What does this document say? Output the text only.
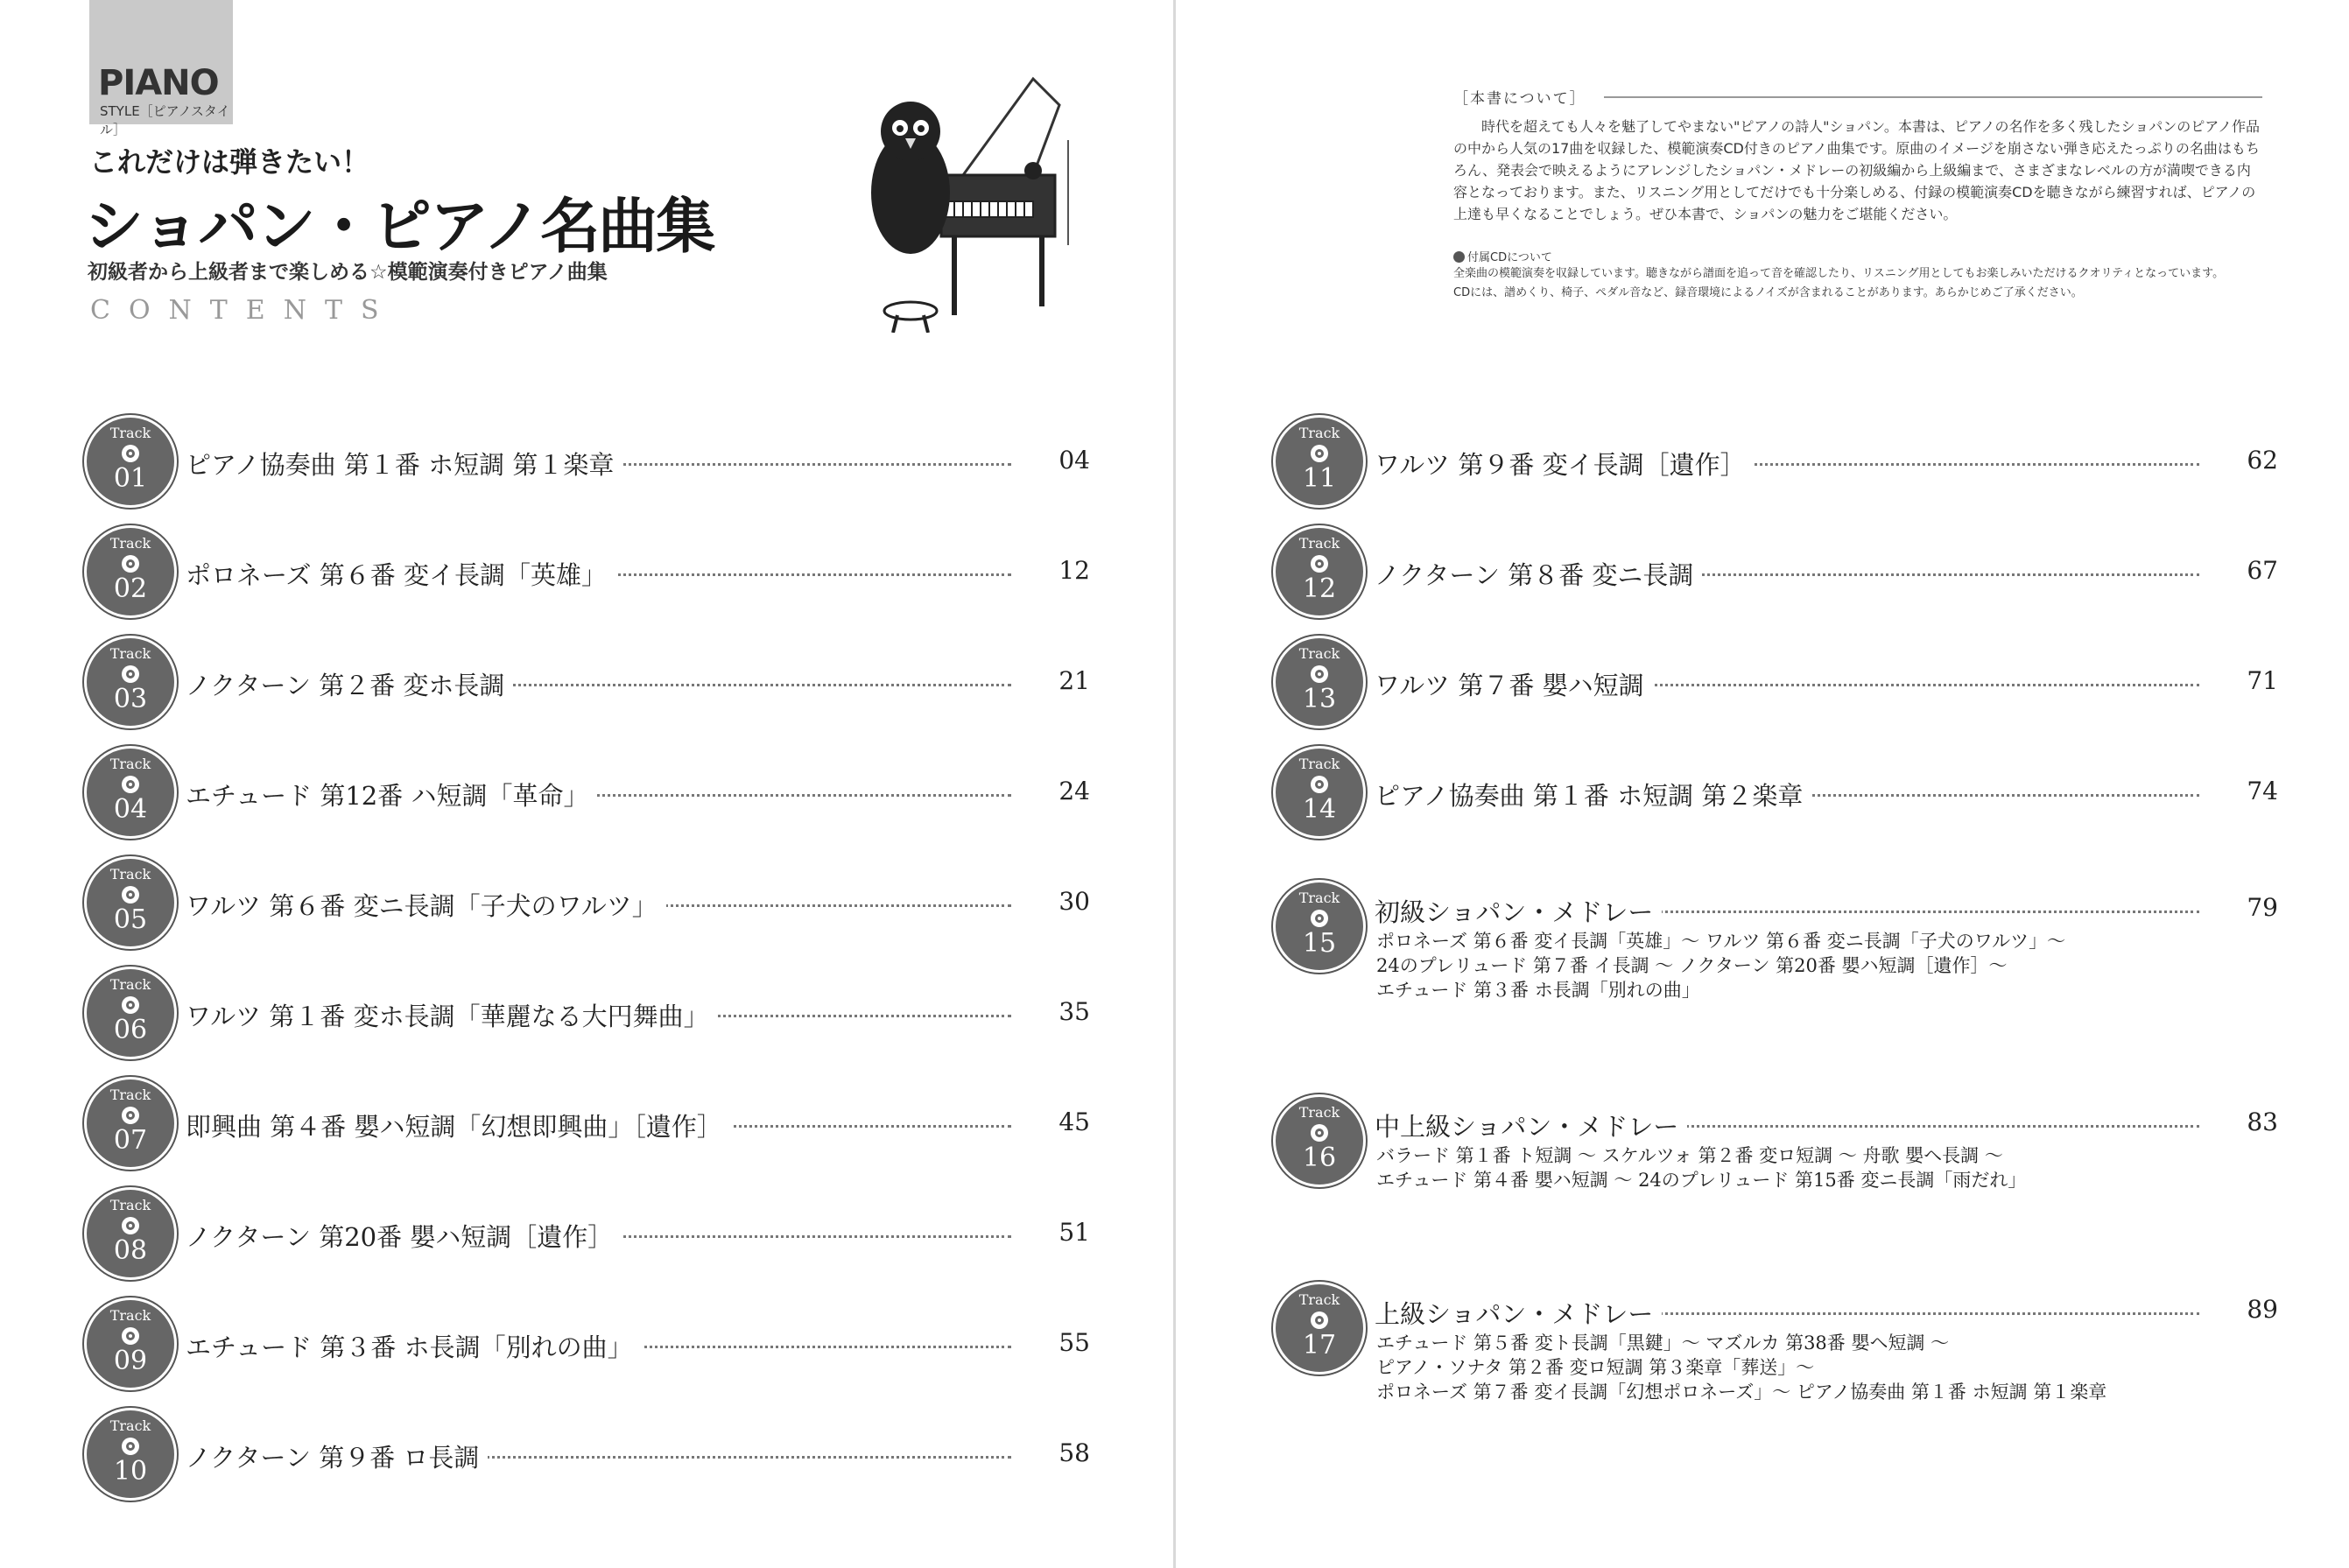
PIANO
STYLE［ピアノスタイル］
これだけは弾きたい！
ショパン・ピアノ名曲集
初級者から上級者まで楽しめる☆模範演奏付きピアノ曲集
CONTENTS
Track
01	ピアノ協奏曲 第１番 ホ短調 第１楽章	04
Track
02	ポロネーズ 第６番 変イ長調「英雄」	12
Track
03	ノクターン 第２番 変ホ長調	21
Track
04	エチュード 第12番 ハ短調「革命」	24
Track
05	ワルツ 第６番 変ニ長調「子犬のワルツ」	30
Track
06	ワルツ 第１番 変ホ長調「華麗なる大円舞曲」	35
Track
07	即興曲 第４番 嬰ハ短調「幻想即興曲」［遺作］	45
Track
08	ノクターン 第20番 嬰ハ短調［遺作］	51
Track
09	エチュード 第３番 ホ長調「別れの曲」	55
Track
10	ノクターン 第９番 ロ長調	58
［本書について］
時代を超えても人々を魅了してやまない"ピアノの詩人"ショパン。本書は、ピアノの名作を多く残したショパンのピアノ作品の中から人気の17曲を収録した、模範演奏CD付きのピアノ曲集です。原曲のイメージを崩さない弾き応えたっぷりの名曲はもちろん、発表会で映えるようにアレンジしたショパン・メドレーの初級編から上級編まで、さまざまなレベルの方が満喫できる内容となっております。また、リスニング用としてだけでも十分楽しめる、付録の模範演奏CDを聴きながら練習すれば、ピアノの上達も早くなることでしょう。ぜひ本書で、ショパンの魅力をご堪能ください。
付属CDについて
全楽曲の模範演奏を収録しています。聴きながら譜面を追って音を確認したり、リスニング用としてもお楽しみいただけるクオリティとなっています。
CDには、譜めくり、椅子、ペダル音など、録音環境によるノイズが含まれることがあります。あらかじめご了承ください。
Track
11	ワルツ 第９番 変イ長調［遺作］	62
Track
12	ノクターン 第８番 変ニ長調	67
Track
13	ワルツ 第７番 嬰ハ短調	71
Track
14	ピアノ協奏曲 第１番 ホ短調 第２楽章	74
Track
15
初級ショパン・メドレー	79
ポロネーズ 第６番 変イ長調「英雄」〜 ワルツ 第６番 変ニ長調「子犬のワルツ」〜
24のプレリュード 第７番 イ長調 〜 ノクターン 第20番 嬰ハ短調［遺作］〜
エチュード 第３番 ホ長調「別れの曲」
Track
16
中上級ショパン・メドレー	83
バラード 第１番 ト短調 〜 スケルツォ 第２番 変ロ短調 〜 舟歌 嬰ヘ長調 〜
エチュード 第４番 嬰ハ短調 〜 24のプレリュード 第15番 変ニ長調「雨だれ」
Track
17
上級ショパン・メドレー	89
エチュード 第５番 変ト長調「黒鍵」〜 マズルカ 第38番 嬰ヘ短調 〜
ピアノ・ソナタ 第２番 変ロ短調 第３楽章「葬送」〜
ポロネーズ 第７番 変イ長調「幻想ポロネーズ」〜 ピアノ協奏曲 第１番 ホ短調 第１楽章
